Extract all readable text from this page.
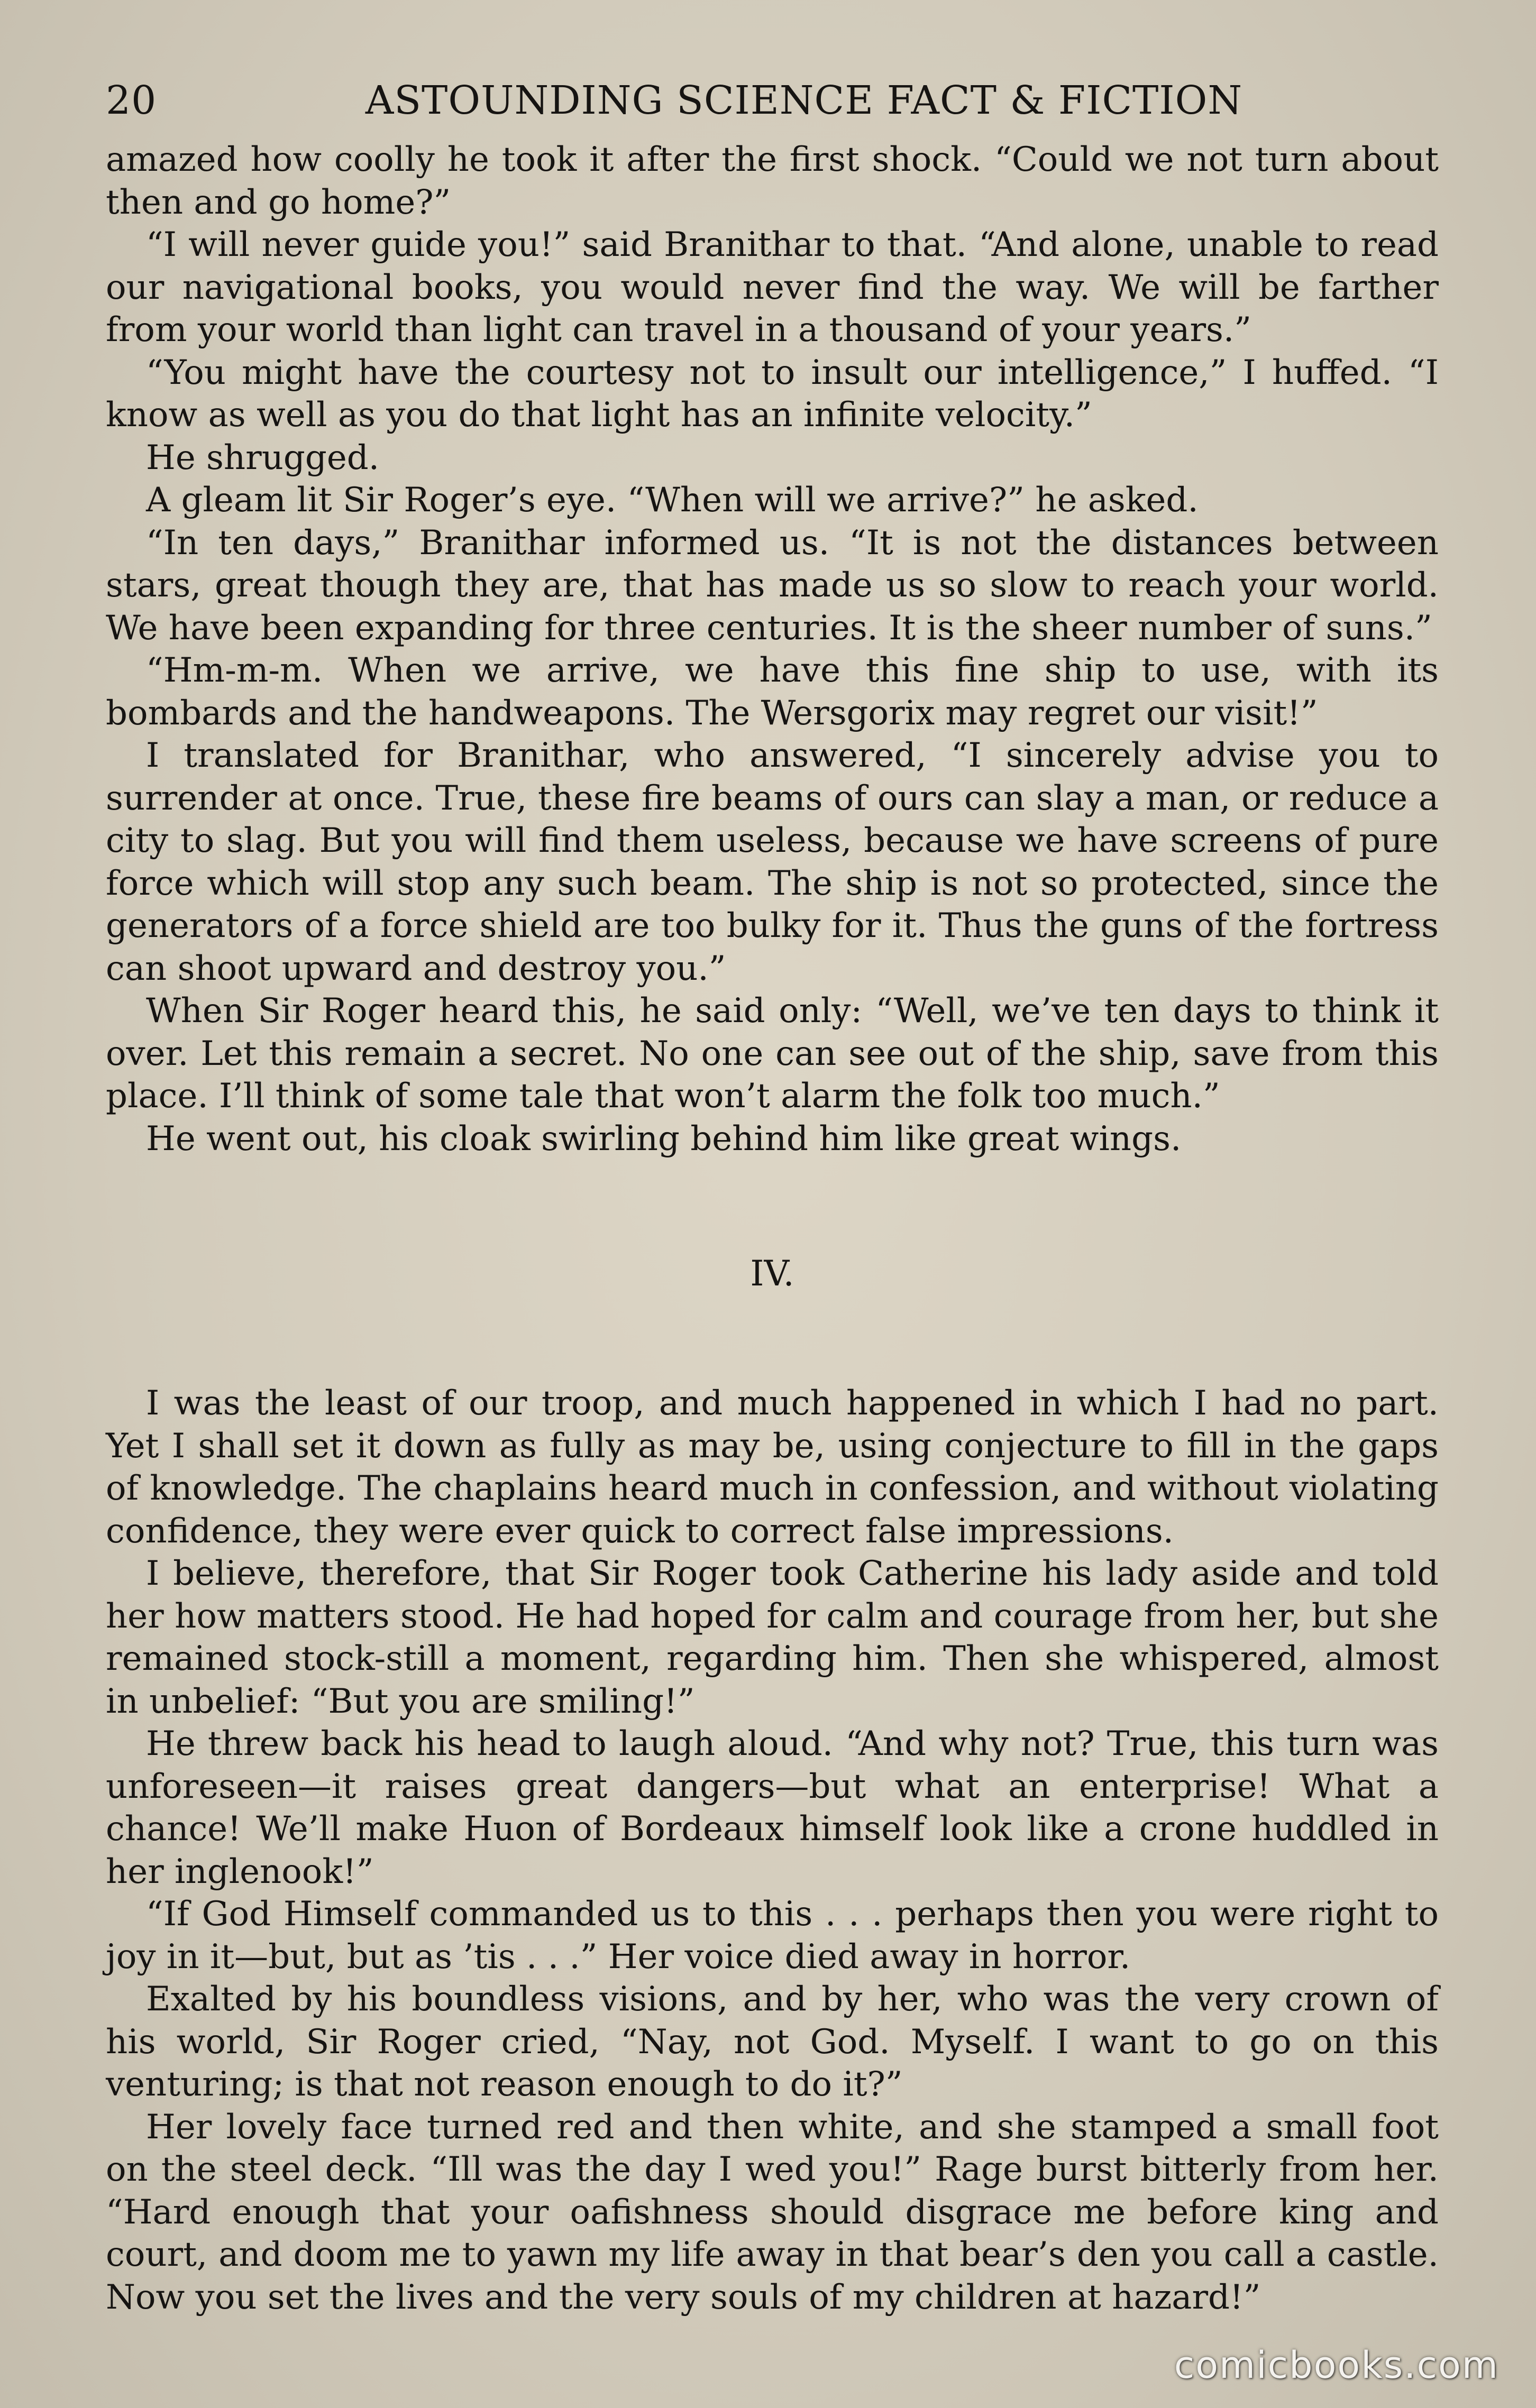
20	ASTOUNDING SCIENCE FACT & FICTION

amazed how coolly he took it after the first shock. “Could we not turn about then and go home?”

“I will never guide you!” said Branithar to that. “And alone, unable to read our navigational books, you would never find the way. We will be farther from your world than light can travel in a thousand of your years.”

“You might have the courtesy not to insult our intelligence,” I huffed. “I know as well as you do that light has an infinite velocity.”

He shrugged.

A gleam lit Sir Roger’s eye. “When will we arrive?” he asked.

“In ten days,” Branithar informed us. “It is not the distances between stars, great though they are, that has made us so slow to reach your world. We have been expanding for three centuries. It is the sheer number of suns.”

“Hm-m-m. When we arrive, we have this fine ship to use, with its bombards and the handweapons. The Wersgorix may regret our visit!”

I translated for Branithar, who answered, “I sincerely advise you to surrender at once. True, these fire beams of ours can slay a man, or reduce a city to slag. But you will find them useless, because we have screens of pure force which will stop any such beam. The ship is not so protected, since the generators of a force shield are too bulky for it. Thus the guns of the fortress can shoot upward and destroy you.”

When Sir Roger heard this, he said only: “Well, we’ve ten days to think it over. Let this remain a secret. No one can see out of the ship, save from this place. I’ll think of some tale that won’t alarm the folk too much.”

He went out, his cloak swirling behind him like great wings.

IV.

I was the least of our troop, and much happened in which I had no part. Yet I shall set it down as fully as may be, using conjecture to fill in the gaps of knowledge. The chaplains heard much in confession, and without violating confidence, they were ever quick to correct false impressions.

I believe, therefore, that Sir Roger took Catherine his lady aside and told her how matters stood. He had hoped for calm and courage from her, but she remained stock-still a moment, regarding him. Then she whispered, almost in unbelief: “But you are smiling!”

He threw back his head to laugh aloud. “And why not? True, this turn was unforeseen—it raises great dangers—but what an enterprise! What a chance! We’ll make Huon of Bordeaux himself look like a crone huddled in her inglenook!”

“If God Himself commanded us to this . . . perhaps then you were right to joy in it—but, but as ’tis . . .” Her voice died away in horror.

Exalted by his boundless visions, and by her, who was the very crown of his world, Sir Roger cried, “Nay, not God. Myself. I want to go on this venturing; is that not reason enough to do it?”

Her lovely face turned red and then white, and she stamped a small foot on the steel deck. “Ill was the day I wed you!” Rage burst bitterly from her. “Hard enough that your oafishness should disgrace me before king and court, and doom me to yawn my life away in that bear’s den you call a castle. Now you set the lives and the very souls of my children at hazard!”

comicbooks.com
